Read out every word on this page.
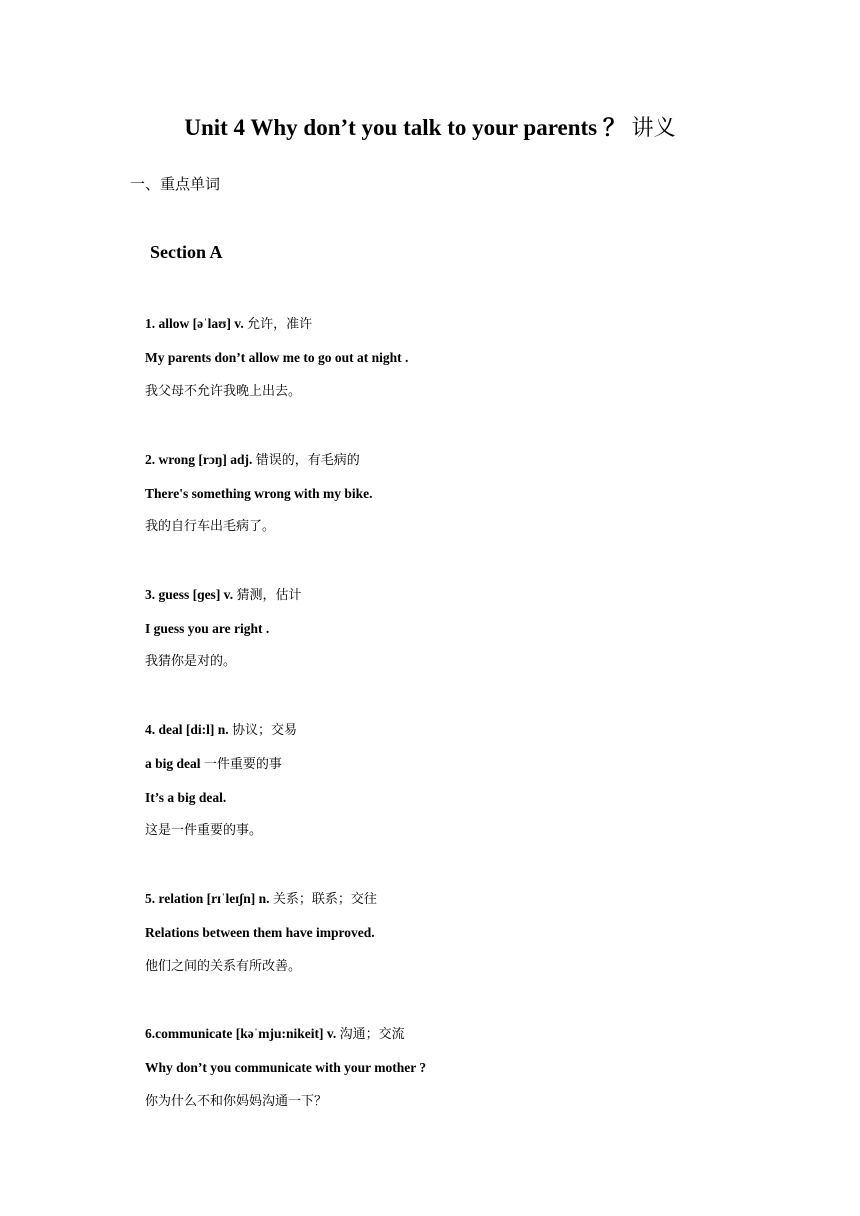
Unit 4 Why don’t you talk to your parents ？ 讲义
一、重点单词
Section A
1. allow [əˈlaʊ] v. 允许，准许
My parents don’t allow me to go out at night .
我父母不允许我晚上出去。
2. wrong [rɔŋ] adj. 错误的，有毛病的
There's something wrong with my bike.
我的自行车出毛病了。
3. guess [ɡes] v. 猜测，估计
I guess you are right .
我猜你是对的。
4. deal [di:l] n. 协议；交易
a big deal 一件重要的事
It’s a big deal.
这是一件重要的事。
5. relation [rɪˈleɪʃn] n. 关系；联系；交往
Relations between them have improved.
他们之间的关系有所改善。
6.communicate [kəˈmju:nikeit] v. 沟通；交流
Why don’t you communicate with your mother ?
你为什么不和你妈妈沟通一下？
